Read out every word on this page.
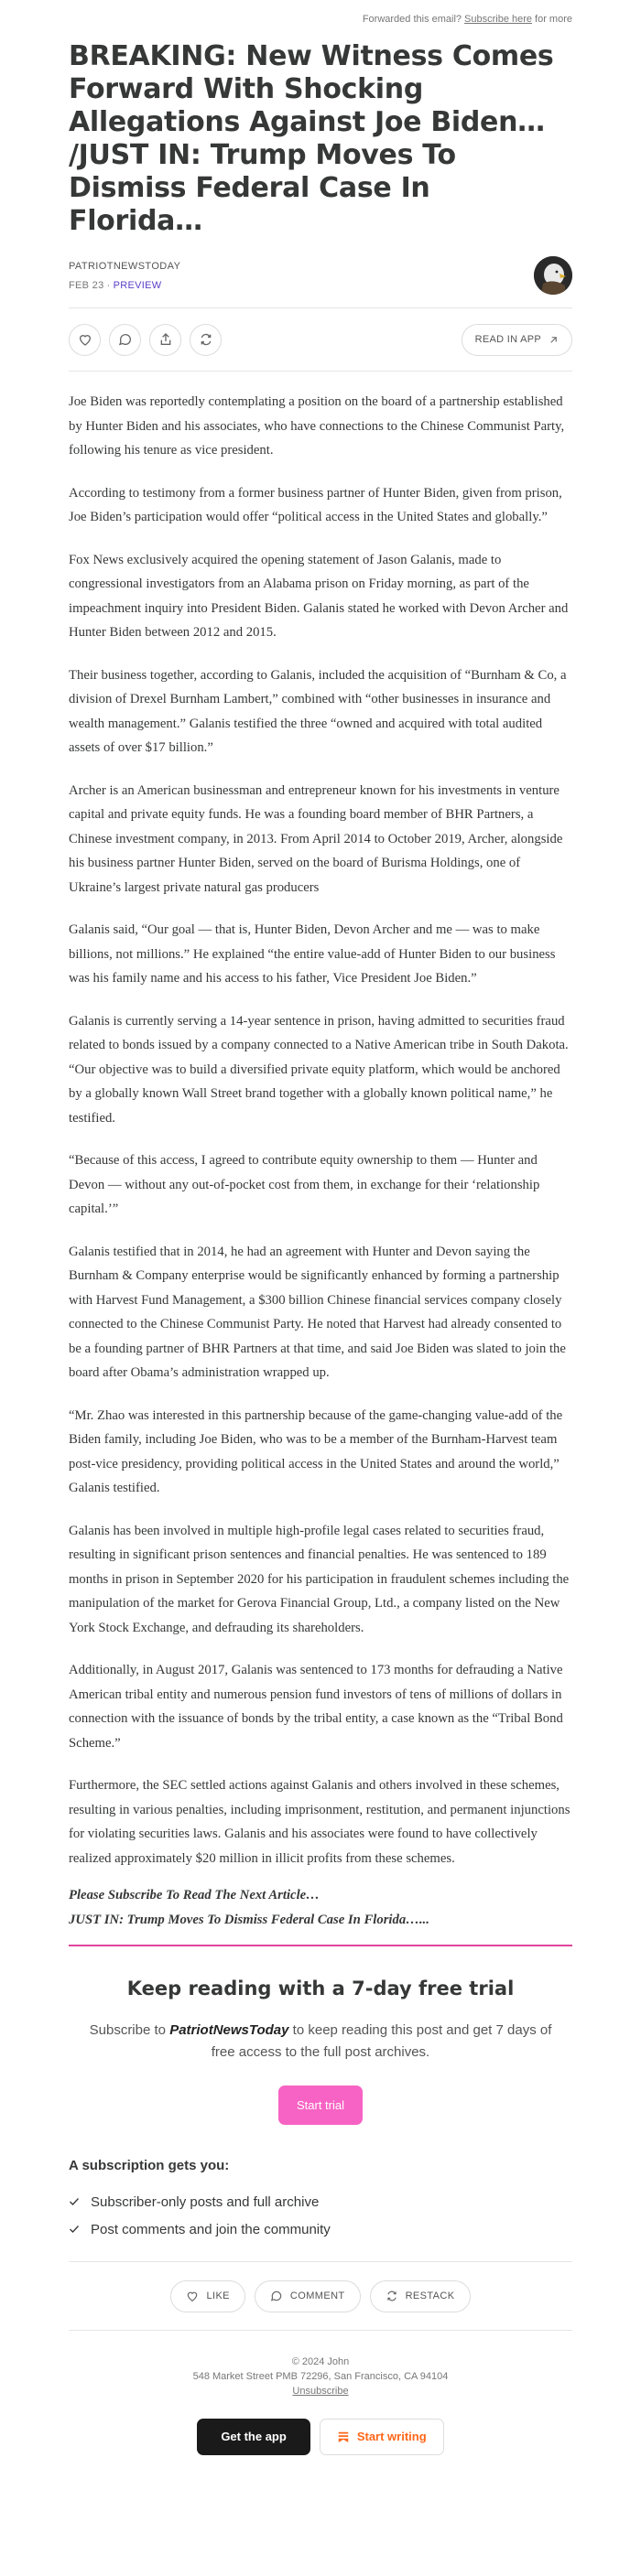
Forwarded this email? Subscribe here for more
BREAKING: New Witness Comes Forward With Shocking Allegations Against Joe Biden… /JUST IN: Trump Moves To Dismiss Federal Case In Florida…
PATRIOTNEWSTODAY
FEB 23 ∙ PREVIEW
READ IN APP

Joe Biden was reportedly contemplating a position on the board of a partnership established by Hunter Biden and his associates, who have connections to the Chinese Communist Party, following his tenure as vice president.

According to testimony from a former business partner of Hunter Biden, given from prison, Joe Biden’s participation would offer “political access in the United States and globally.”

Fox News exclusively acquired the opening statement of Jason Galanis, made to congressional investigators from an Alabama prison on Friday morning, as part of the impeachment inquiry into President Biden. Galanis stated he worked with Devon Archer and Hunter Biden between 2012 and 2015.

Their business together, according to Galanis, included the acquisition of “Burnham & Co, a division of Drexel Burnham Lambert,” combined with “other businesses in insurance and wealth management.” Galanis testified the three “owned and acquired with total audited assets of over $17 billion.”

Archer is an American businessman and entrepreneur known for his investments in venture capital and private equity funds. He was a founding board member of BHR Partners, a Chinese investment company, in 2013. From April 2014 to October 2019, Archer, alongside his business partner Hunter Biden, served on the board of Burisma Holdings, one of Ukraine’s largest private natural gas producers

Galanis said, “Our goal — that is, Hunter Biden, Devon Archer and me — was to make billions, not millions.” He explained “the entire value-add of Hunter Biden to our business was his family name and his access to his father, Vice President Joe Biden.”

Galanis is currently serving a 14-year sentence in prison, having admitted to securities fraud related to bonds issued by a company connected to a Native American tribe in South Dakota. “Our objective was to build a diversified private equity platform, which would be anchored by a globally known Wall Street brand together with a globally known political name,” he testified.

“Because of this access, I agreed to contribute equity ownership to them — Hunter and Devon — without any out-of-pocket cost from them, in exchange for their ‘relationship capital.’”

Galanis testified that in 2014, he had an agreement with Hunter and Devon saying the Burnham & Company enterprise would be significantly enhanced by forming a partnership with Harvest Fund Management, a $300 billion Chinese financial services company closely connected to the Chinese Communist Party. He noted that Harvest had already consented to be a founding partner of BHR Partners at that time, and said Joe Biden was slated to join the board after Obama’s administration wrapped up.

“Mr. Zhao was interested in this partnership because of the game-changing value-add of the Biden family, including Joe Biden, who was to be a member of the Burnham-Harvest team post-vice presidency, providing political access in the United States and around the world,” Galanis testified.

Galanis has been involved in multiple high-profile legal cases related to securities fraud, resulting in significant prison sentences and financial penalties. He was sentenced to 189 months in prison in September 2020 for his participation in fraudulent schemes including the manipulation of the market for Gerova Financial Group, Ltd., a company listed on the New York Stock Exchange, and defrauding its shareholders.

Additionally, in August 2017, Galanis was sentenced to 173 months for defrauding a Native American tribal entity and numerous pension fund investors of tens of millions of dollars in connection with the issuance of bonds by the tribal entity, a case known as the “Tribal Bond Scheme.”

Furthermore, the SEC settled actions against Galanis and others involved in these schemes, resulting in various penalties, including imprisonment, restitution, and permanent injunctions for violating securities laws. Galanis and his associates were found to have collectively realized approximately $20 million in illicit profits from these schemes.

Please Subscribe To Read The Next Article…

JUST IN: Trump Moves To Dismiss Federal Case In Florida…...

Keep reading with a 7-day free trial
Subscribe to PatriotNewsToday to keep reading this post and get 7 days of free access to the full post archives.
Start trial
A subscription gets you:
Subscriber-only posts and full archive
Post comments and join the community
LIKE	COMMENT	RESTACK
© 2024 John
548 Market Street PMB 72296, San Francisco, CA 94104
Unsubscribe
Get the app	Start writing
